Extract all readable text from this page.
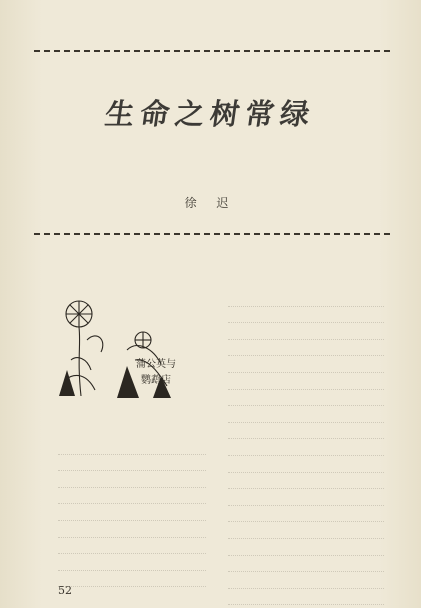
生命之树常绿
徐 迟
蒲公英与
鹦鹉店
52
